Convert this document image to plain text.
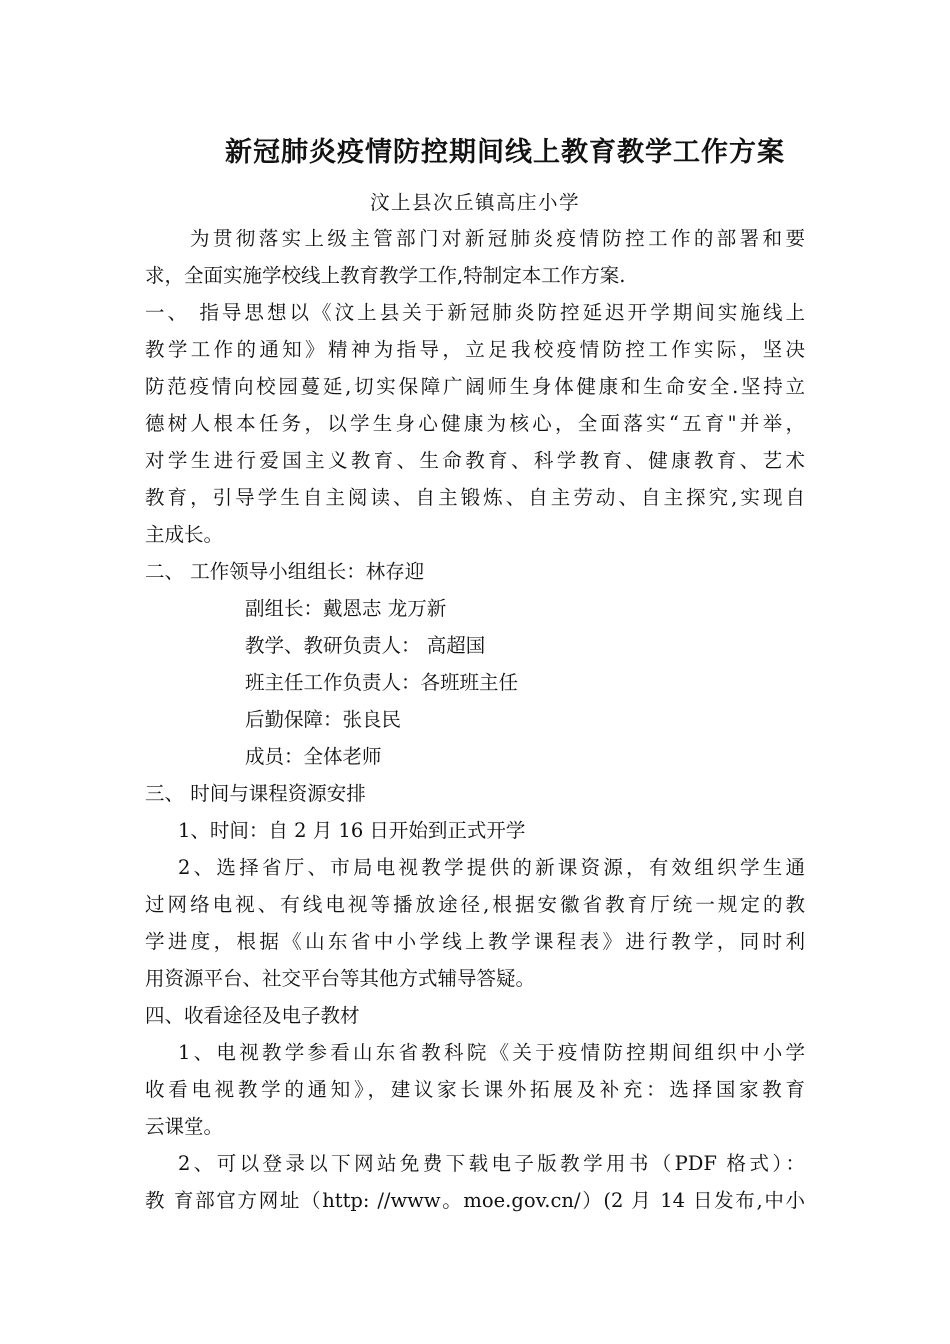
新冠肺炎疫情防控期间线上教育教学工作方案
汶上县次丘镇高庄小学
为贯彻落实上级主管部门对新冠肺炎疫情防控工作的部署和要
求，全面实施学校线上教育教学工作,特制定本工作方案.
一、 指导思想以《汶上县关于新冠肺炎防控延迟开学期间实施线上
教学工作的通知》精神为指导，立足我校疫情防控工作实际，坚决
防范疫情向校园蔓延,切实保障广阔师生身体健康和生命安全.坚持立
德树人根本任务，以学生身心健康为核心，全面落实“五育"并举，
对学生进行爱国主义教育、生命教育、科学教育、健康教育、艺术
教育，引导学生自主阅读、自主锻炼、自主劳动、自主探究,实现自
主成长。
二、 工作领导小组组长：林存迎
副组长：戴恩志 龙万新
教学、教研负责人： 高超国
班主任工作负责人：各班班主任
后勤保障：张良民
成员：全体老师
三、 时间与课程资源安排
1、时间：自 2 月 16 日开始到正式开学
2、选择省厅、市局电视教学提供的新课资源，有效组织学生通
过网络电视、有线电视等播放途径,根据安徽省教育厅统一规定的教
学进度，根据《山东省中小学线上教学课程表》进行教学，同时利
用资源平台、社交平台等其他方式辅导答疑。
四、收看途径及电子教材
1、电视教学参看山东省教科院《关于疫情防控期间组织中小学
收看电视教学的通知》，建议家长课外拓展及补充：选择国家教育
云课堂。
2、可以登录以下网站免费下载电子版教学用书（PDF 格式）：
教 育部官方网址（http: //www。moe.gov.cn/）(2 月 14 日发布,中小
